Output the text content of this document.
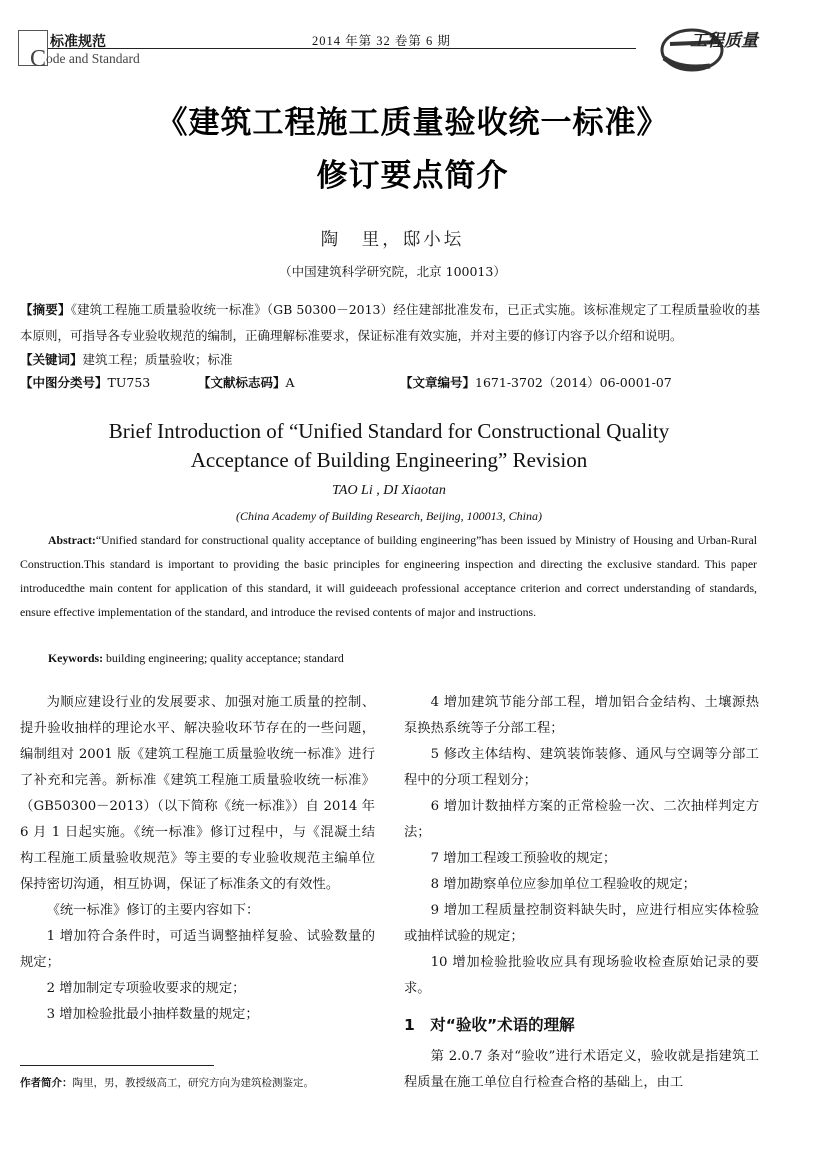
标准规范
Code and Standard
2014 年第 32 卷第 6 期	工程质量
《建筑工程施工质量验收统一标准》
修订要点简介
陶　里，邸小坛
（中国建筑科学研究院，北京 100013）
【摘要】《建筑工程施工质量验收统一标准》（GB 50300－2013）经住建部批准发布，已正式实施。该标准规定了工程质量验收的基本原则，可指导各专业验收规范的编制，正确理解标准要求，保证标准有效实施，并对主要的修订内容予以介绍和说明。
【关键词】建筑工程；质量验收；标准
【中图分类号】TU753	【文献标志码】A	【文章编号】1671-3702（2014）06-0001-07
Brief Introduction of “Unified Standard for Constructional Quality
Acceptance of Building Engineering” Revision
TAO Li , DI Xiaotan
(China Academy of Building Research, Beijing, 100013, China)
Abstract:“Unified standard for constructional quality acceptance of building engineering”has been issued by Ministry of Housing and Urban-Rural Construction.This standard is important to providing the basic principles for engineering inspection and directing the exclusive standard. This paper introducedthe main content for application of this standard, it will guideeach professional acceptance criterion and correct understanding of standards, ensure effective implementation of the standard, and introduce the revised contents of major and instructions.
Keywords: building engineering; quality acceptance; standard

为顺应建设行业的发展要求、加强对施工质量的控制、提升验收抽样的理论水平、解决验收环节存在的一些问题，编制组对 2001 版《建筑工程施工质量验收统一标准》进行了补充和完善。新标准《建筑工程施工质量验收统一标准》（GB50300－2013）（以下简称《统一标准》）自 2014 年 6 月 1 日起实施。《统一标准》修订过程中，与《混凝土结构工程施工质量验收规范》等主要的专业验收规范主编单位保持密切沟通，相互协调，保证了标准条文的有效性。

《统一标准》修订的主要内容如下：

1 增加符合条件时，可适当调整抽样复验、试验数量的规定；

2 增加制定专项验收要求的规定；

3 增加检验批最小抽样数量的规定；

4 增加建筑节能分部工程，增加铝合金结构、土壤源热泵换热系统等子分部工程；

5 修改主体结构、建筑装饰装修、通风与空调等分部工程中的分项工程划分；

6 增加计数抽样方案的正常检验一次、二次抽样判定方法；

7 增加工程竣工预验收的规定；

8 增加勘察单位应参加单位工程验收的规定；

9 增加工程质量控制资料缺失时，应进行相应实体检验或抽样试验的规定；

10 增加检验批验收应具有现场验收检查原始记录的要求。

1　对“验收”术语的理解

第 2.0.7 条对“验收”进行术语定义，验收就是指建筑工程质量在施工单位自行检查合格的基础上，由工

作者简介：陶里，男，教授级高工，研究方向为建筑检测鉴定。
